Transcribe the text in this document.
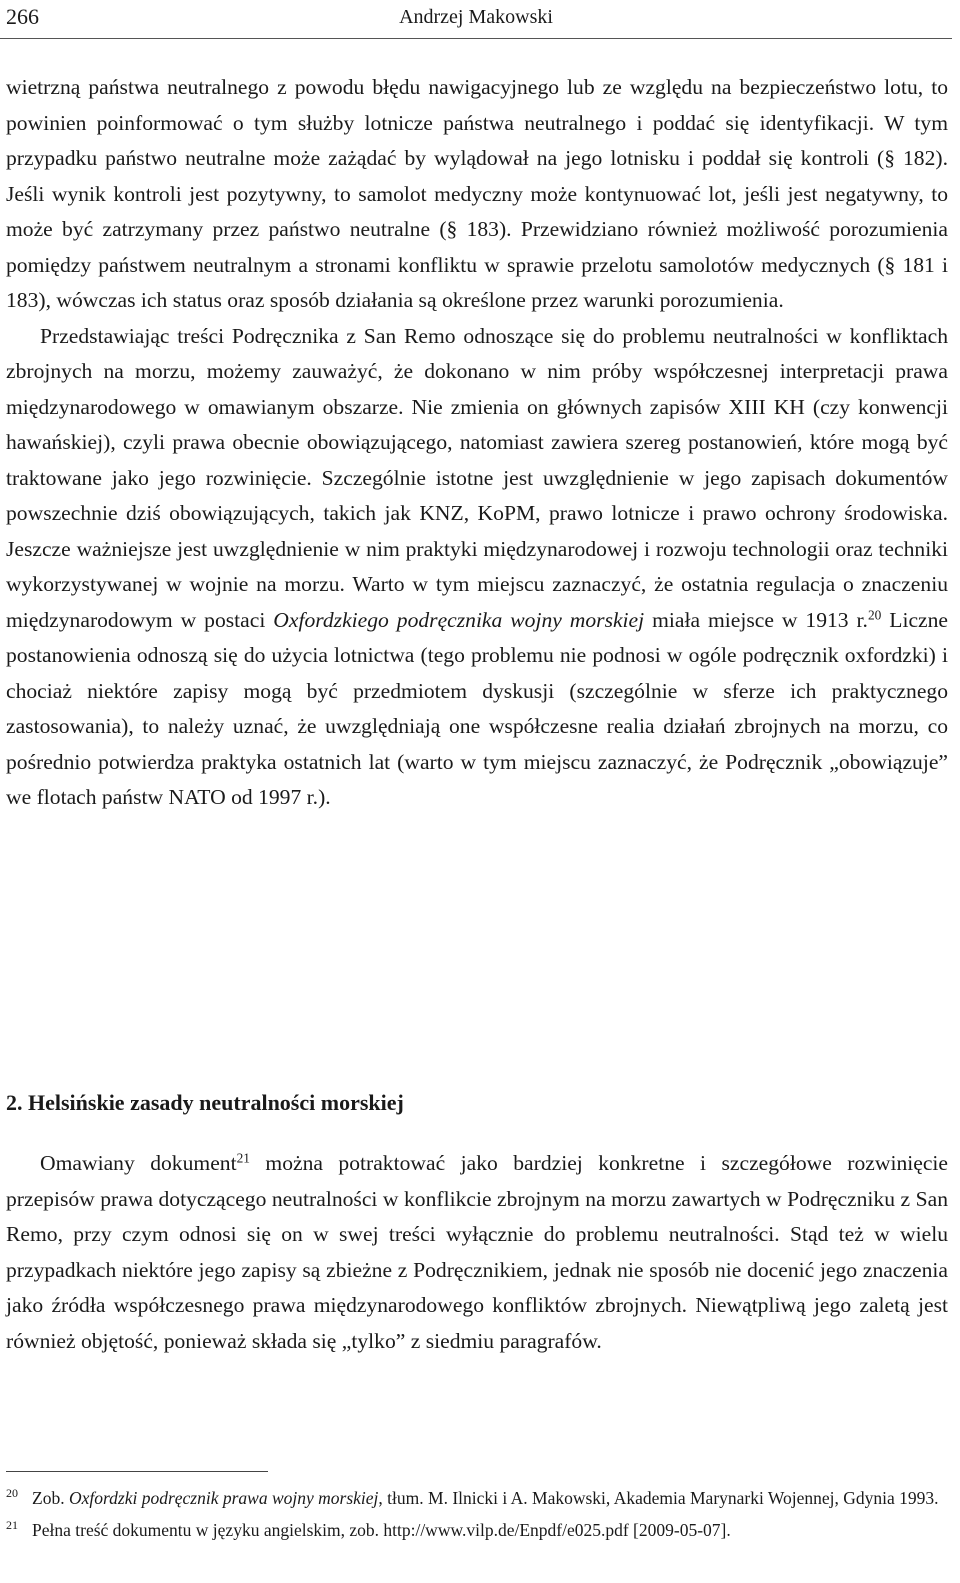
266	Andrzej Makowski

wietrzną państwa neutralnego z powodu błędu nawigacyjnego lub ze względu na bezpieczeństwo lotu, to powinien poinformować o tym służby lotnicze państwa neutralnego i poddać się identyfikacji. W tym przypadku państwo neutralne może zażądać by wylądował na jego lotnisku i poddał się kontroli (§ 182). Jeśli wynik kontroli jest pozytywny, to samolot medyczny może kontynuować lot, jeśli jest negatywny, to może być zatrzymany przez państwo neutralne (§ 183). Przewidziano również możliwość porozumienia pomiędzy państwem neutralnym a stronami konfliktu w sprawie przelotu samolotów medycznych (§ 181 i 183), wówczas ich status oraz sposób działania są określone przez warunki porozumienia.

Przedstawiając treści Podręcznika z San Remo odnoszące się do problemu neutralności w konfliktach zbrojnych na morzu, możemy zauważyć, że dokonano w nim próby współczesnej interpretacji prawa międzynarodowego w omawianym obszarze. Nie zmienia on głównych zapisów XIII KH (czy konwencji hawańskiej), czyli prawa obecnie obowiązującego, natomiast zawiera szereg postanowień, które mogą być traktowane jako jego rozwinięcie. Szczególnie istotne jest uwzględnienie w jego zapisach dokumentów powszechnie dziś obowiązujących, takich jak KNZ, KoPM, prawo lotnicze i prawo ochrony środowiska. Jeszcze ważniejsze jest uwzględnienie w nim praktyki międzynarodowej i rozwoju technologii oraz techniki wykorzystywanej w wojnie na morzu. Warto w tym miejscu zaznaczyć, że ostatnia regulacja o znaczeniu międzynarodowym w postaci Oxfordzkiego podręcznika wojny morskiej miała miejsce w 1913 r.$^{20}$ Liczne postanowienia odnoszą się do użycia lotnictwa (tego problemu nie podnosi w ogóle podręcznik oxfordzki) i chociaż niektóre zapisy mogą być przedmiotem dyskusji (szczególnie w sferze ich praktycznego zastosowania), to należy uznać, że uwzględniają one współczesne realia działań zbrojnych na morzu, co pośrednio potwierdza praktyka ostatnich lat (warto w tym miejscu zaznaczyć, że Podręcznik „obowiązuje” we flotach państw NATO od 1997 r.).

2. Helsińskie zasady neutralności morskiej

Omawiany dokument$^{21}$ można potraktować jako bardziej konkretne i szczegółowe rozwinięcie przepisów prawa dotyczącego neutralności w konflikcie zbrojnym na morzu zawartych w Podręczniku z San Remo, przy czym odnosi się on w swej treści wyłącznie do problemu neutralności. Stąd też w wielu przypadkach niektóre jego zapisy są zbieżne z Podręcznikiem, jednak nie sposób nie docenić jego znaczenia jako źródła współczesnego prawa międzynarodowego konfliktów zbrojnych. Niewątpliwą jego zaletą jest również objętość, ponieważ składa się „tylko” z siedmiu paragrafów.

$^{20}$ Zob. Oxfordzki podręcznik prawa wojny morskiej, tłum. M. Ilnicki i A. Makowski, Akademia Marynarki Wojennej, Gdynia 1993.

$^{21}$ Pełna treść dokumentu w języku angielskim, zob. http://www.vilp.de/Enpdf/e025.pdf [2009-05-07].
